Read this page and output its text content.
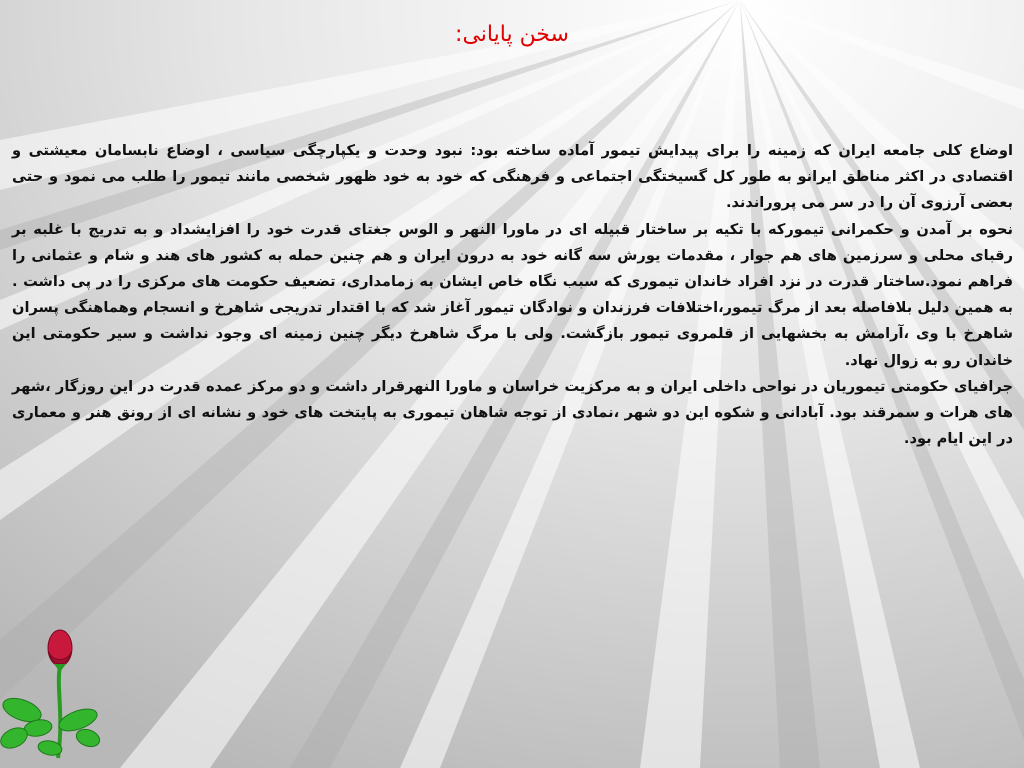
سخن پایانی:

اوضاع کلی جامعه ایران که زمینه را برای پیدایش تیمور آماده ساخته بود: نبود وحدت و یکپارچگی سیاسی ، اوضاع نابسامان معیشتی و اقتصادی در اکثر مناطق ایرانو به طور کل گسیختگی اجتماعی و فرهنگی که خود به خود ظهور شخصی مانند تیمور را طلب می نمود و حتی بعضی آرزوی آن را در سر می پروراندند.

نحوه بر آمدن و حکمرانی تیمورکه با تکیه بر ساختار قبیله ای در ماورا النهر و الوس جغتای قدرت خود را افزایشداد و به تدریج با غلبه بر رقبای محلی و سرزمین های هم جوار ، مقدمات یورش سه گانه خود به درون ایران و هم چنین حمله به کشور های هند و شام و عثمانی را فراهم نمود.ساختار قدرت در نزد افراد خاندان تیموری که سبب نگاه خاص ایشان به زمامداری، تضعیف حکومت های مرکزی را در پی داشت . به همین دلیل بلافاصله بعد از مرگ تیمور،اختلافات فرزندان و نوادگان تیمور آغاز شد که با اقتدار تدریجی شاهرخ و انسجام وهماهنگی پسران شاهرخ با وی ،آرامش به بخشهایی از قلمروی تیمور بازگشت. ولی با مرگ شاهرخ دیگر چنین زمینه ای وجود نداشت و سیر حکومتی این خاندان رو به زوال نهاد.

جرافیای حکومتی تیموریان در نواحی داخلی ایران و به مرکزیت خراسان و ماورا النهرقرار داشت و دو مرکز عمده قدرت در این روزگار ،شهر های هرات و سمرقند بود. آبادانی و شکوه این دو شهر ،نمادی از توجه شاهان تیموری به پایتخت های خود و نشانه ای از رونق هنر و معماری در این ایام بود.
